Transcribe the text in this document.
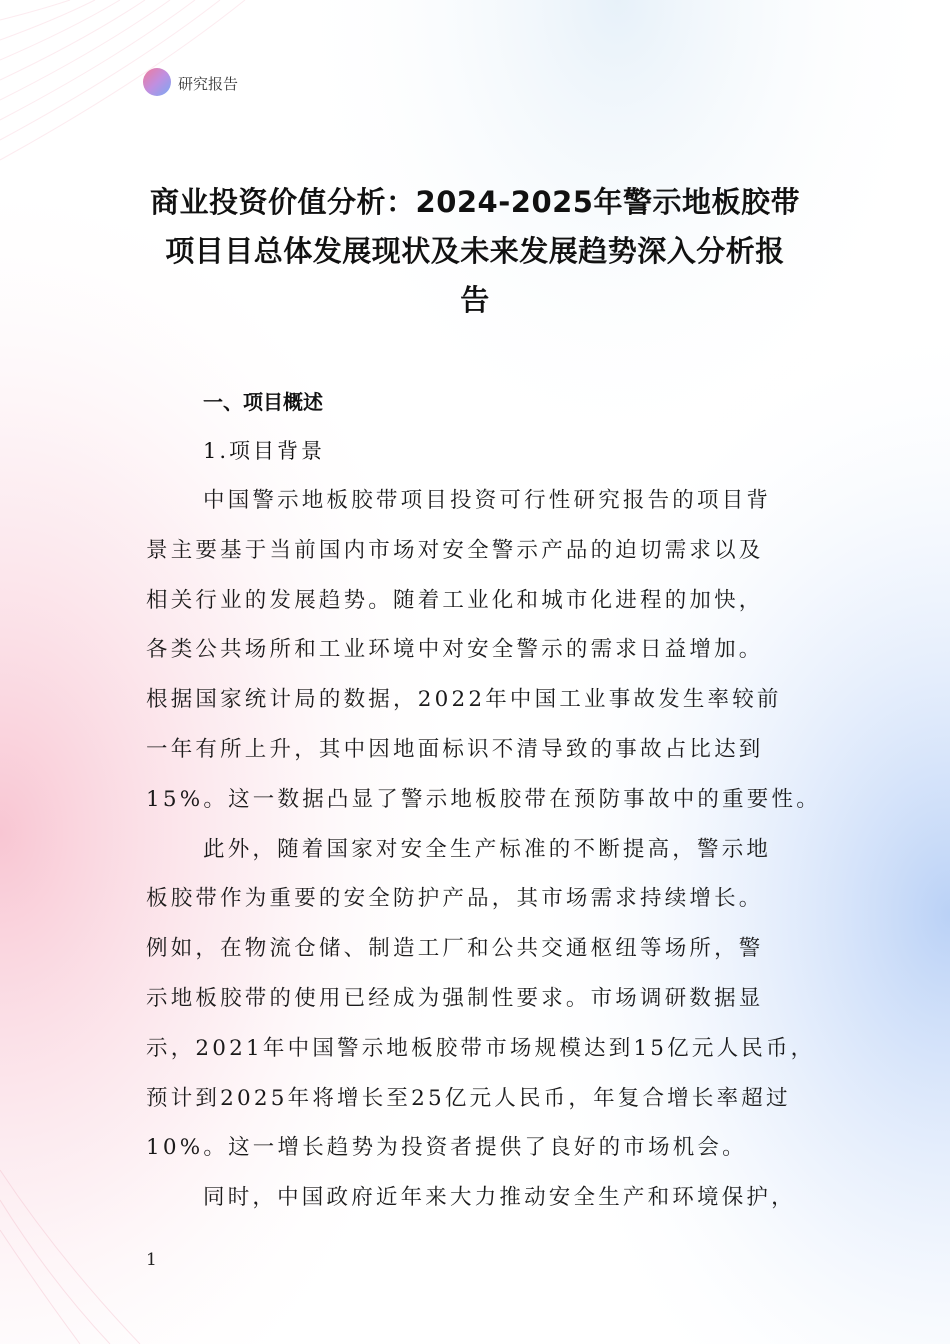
研究报告
商业投资价值分析：2024-2025年警示地板胶带
项目目总体发展现状及未来发展趋势深入分析报
告
一、项目概述
1.项目背景
中国警示地板胶带项目投资可行性研究报告的项目背
景主要基于当前国内市场对安全警示产品的迫切需求以及
相关行业的发展趋势。随着工业化和城市化进程的加快，
各类公共场所和工业环境中对安全警示的需求日益增加。
根据国家统计局的数据，2022年中国工业事故发生率较前
一年有所上升，其中因地面标识不清导致的事故占比达到
15%。这一数据凸显了警示地板胶带在预防事故中的重要性。
此外，随着国家对安全生产标准的不断提高，警示地
板胶带作为重要的安全防护产品，其市场需求持续增长。
例如，在物流仓储、制造工厂和公共交通枢纽等场所，警
示地板胶带的使用已经成为强制性要求。市场调研数据显
示，2021年中国警示地板胶带市场规模达到15亿元人民币，
预计到2025年将增长至25亿元人民币，年复合增长率超过
10%。这一增长趋势为投资者提供了良好的市场机会。
同时，中国政府近年来大力推动安全生产和环境保护，
1
